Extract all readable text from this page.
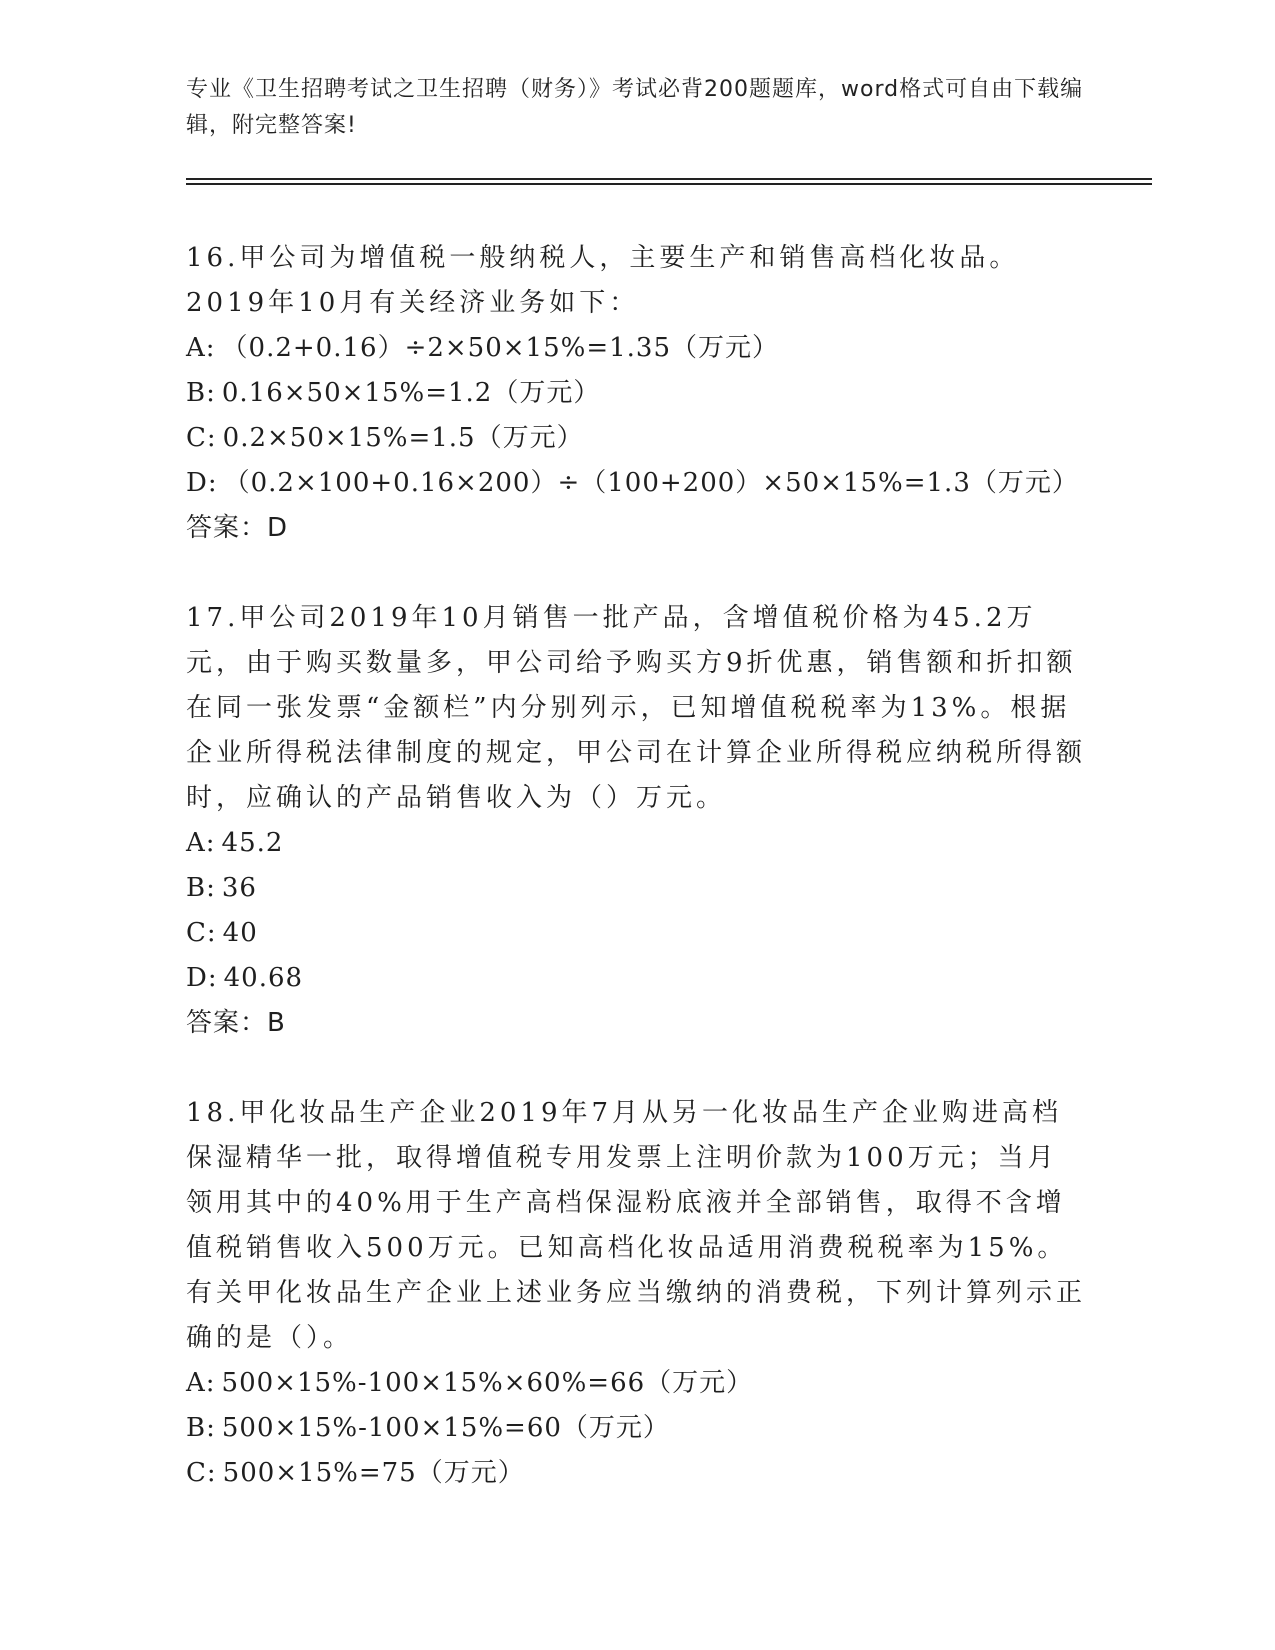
专业《卫生招聘考试之卫生招聘（财务）》考试必背200题题库，word格式可自由下载编辑，附完整答案!

16.甲公司为增值税一般纳税人，主要生产和销售高档化妆品。2019年10月有关经济业务如下：

A: （0.2+0.16）÷2×50×15%=1.35（万元）

B: 0.16×50×15%=1.2（万元）

C: 0.2×50×15%=1.5（万元）

D: （0.2×100+0.16×200）÷（100+200）×50×15%=1.3（万元）

答案：D

17.甲公司2019年10月销售一批产品，含增值税价格为45.2万元，由于购买数量多，甲公司给予购买方9折优惠，销售额和折扣额在同一张发票“金额栏”内分别列示，已知增值税税率为13%。根据企业所得税法律制度的规定，甲公司在计算企业所得税应纳税所得额时，应确认的产品销售收入为（）万元。

A: 45.2

B: 36

C: 40

D: 40.68

答案：B

18.甲化妆品生产企业2019年7月从另一化妆品生产企业购进高档保湿精华一批，取得增值税专用发票上注明价款为100万元；当月领用其中的40%用于生产高档保湿粉底液并全部销售，取得不含增值税销售收入500万元。已知高档化妆品适用消费税税率为15%。有关甲化妆品生产企业上述业务应当缴纳的消费税，下列计算列示正确的是（）。

A: 500×15%-100×15%×60%=66（万元）

B: 500×15%-100×15%=60（万元）

C: 500×15%=75（万元）
